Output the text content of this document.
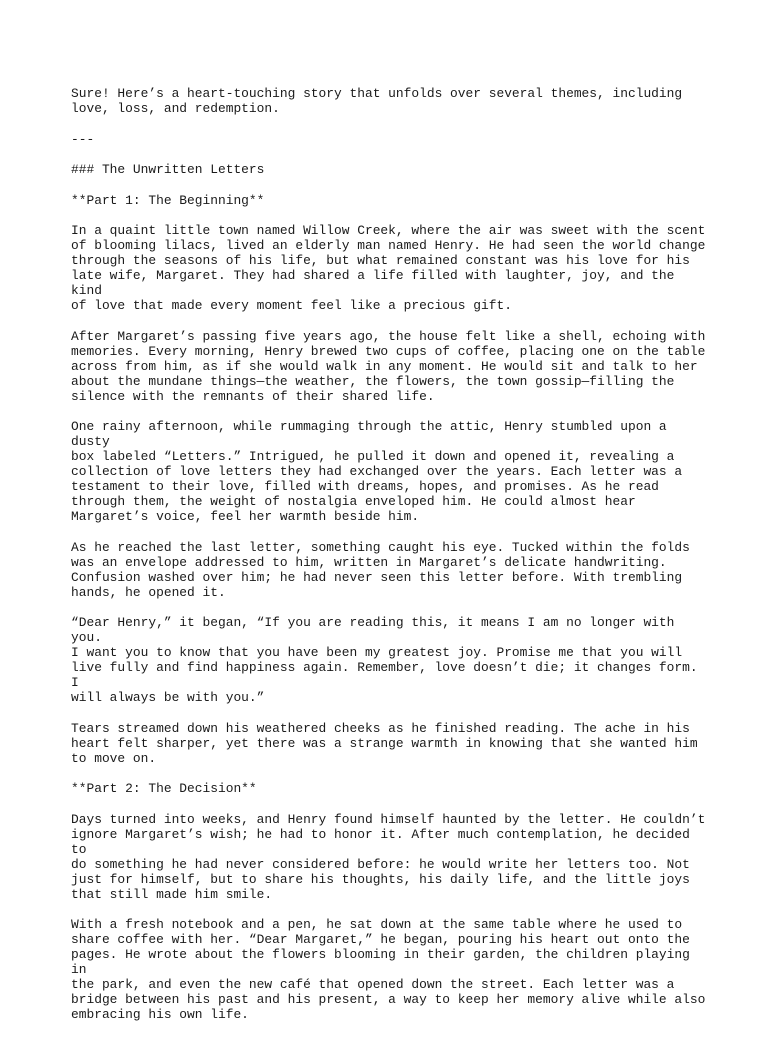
Sure! Here’s a heart-touching story that unfolds over several themes, including
love, loss, and redemption.

---

### The Unwritten Letters

**Part 1: The Beginning**

In a quaint little town named Willow Creek, where the air was sweet with the scent
of blooming lilacs, lived an elderly man named Henry. He had seen the world change
through the seasons of his life, but what remained constant was his love for his
late wife, Margaret. They had shared a life filled with laughter, joy, and the kind
of love that made every moment feel like a precious gift.

After Margaret’s passing five years ago, the house felt like a shell, echoing with
memories. Every morning, Henry brewed two cups of coffee, placing one on the table
across from him, as if she would walk in any moment. He would sit and talk to her
about the mundane things—the weather, the flowers, the town gossip—filling the
silence with the remnants of their shared life.

One rainy afternoon, while rummaging through the attic, Henry stumbled upon a dusty
box labeled “Letters.” Intrigued, he pulled it down and opened it, revealing a
collection of love letters they had exchanged over the years. Each letter was a
testament to their love, filled with dreams, hopes, and promises. As he read
through them, the weight of nostalgia enveloped him. He could almost hear
Margaret’s voice, feel her warmth beside him.

As he reached the last letter, something caught his eye. Tucked within the folds
was an envelope addressed to him, written in Margaret’s delicate handwriting.
Confusion washed over him; he had never seen this letter before. With trembling
hands, he opened it.

“Dear Henry,” it began, “If you are reading this, it means I am no longer with you.
I want you to know that you have been my greatest joy. Promise me that you will
live fully and find happiness again. Remember, love doesn’t die; it changes form. I
will always be with you.”

Tears streamed down his weathered cheeks as he finished reading. The ache in his
heart felt sharper, yet there was a strange warmth in knowing that she wanted him
to move on.

**Part 2: The Decision**

Days turned into weeks, and Henry found himself haunted by the letter. He couldn’t
ignore Margaret’s wish; he had to honor it. After much contemplation, he decided to
do something he had never considered before: he would write her letters too. Not
just for himself, but to share his thoughts, his daily life, and the little joys
that still made him smile.

With a fresh notebook and a pen, he sat down at the same table where he used to
share coffee with her. “Dear Margaret,” he began, pouring his heart out onto the
pages. He wrote about the flowers blooming in their garden, the children playing in
the park, and even the new café that opened down the street. Each letter was a
bridge between his past and his present, a way to keep her memory alive while also
embracing his own life.
